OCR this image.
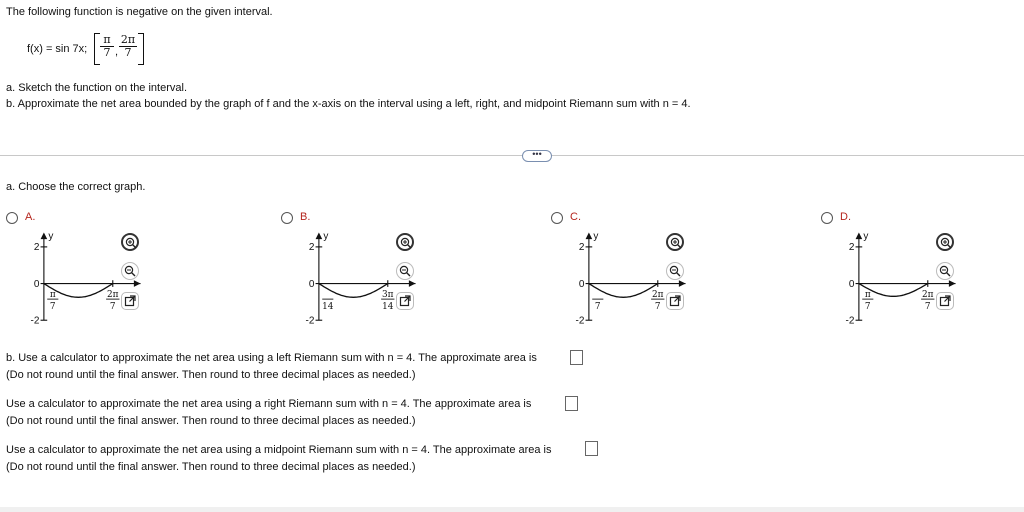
The following function is negative on the given interval.
f(x) = sin 7x; $\frac{\pi}{7}$ , $\frac{2\pi}{7}$
a. Sketch the function on the interval.
b. Approximate the net area bounded by the graph of f and the x-axis on the interval using a left, right, and midpoint Riemann sum with n = 4.
•••
a. Choose the correct graph.
A.
2
0
-2
y
π
7
2π
7
B.
2
0
-2
y
14
3π
14
C.
2
0
-2
y
7
2π
7
D.
2
0
-2
y
π
7
2π
7
b. Use a calculator to approximate the net area using a left Riemann sum with n = 4. The approximate area is
(Do not round until the final answer. Then round to three decimal places as needed.)
Use a calculator to approximate the net area using a right Riemann sum with n = 4. The approximate area is
(Do not round until the final answer. Then round to three decimal places as needed.)
Use a calculator to approximate the net area using a midpoint Riemann sum with n = 4. The approximate area is
(Do not round until the final answer. Then round to three decimal places as needed.)
